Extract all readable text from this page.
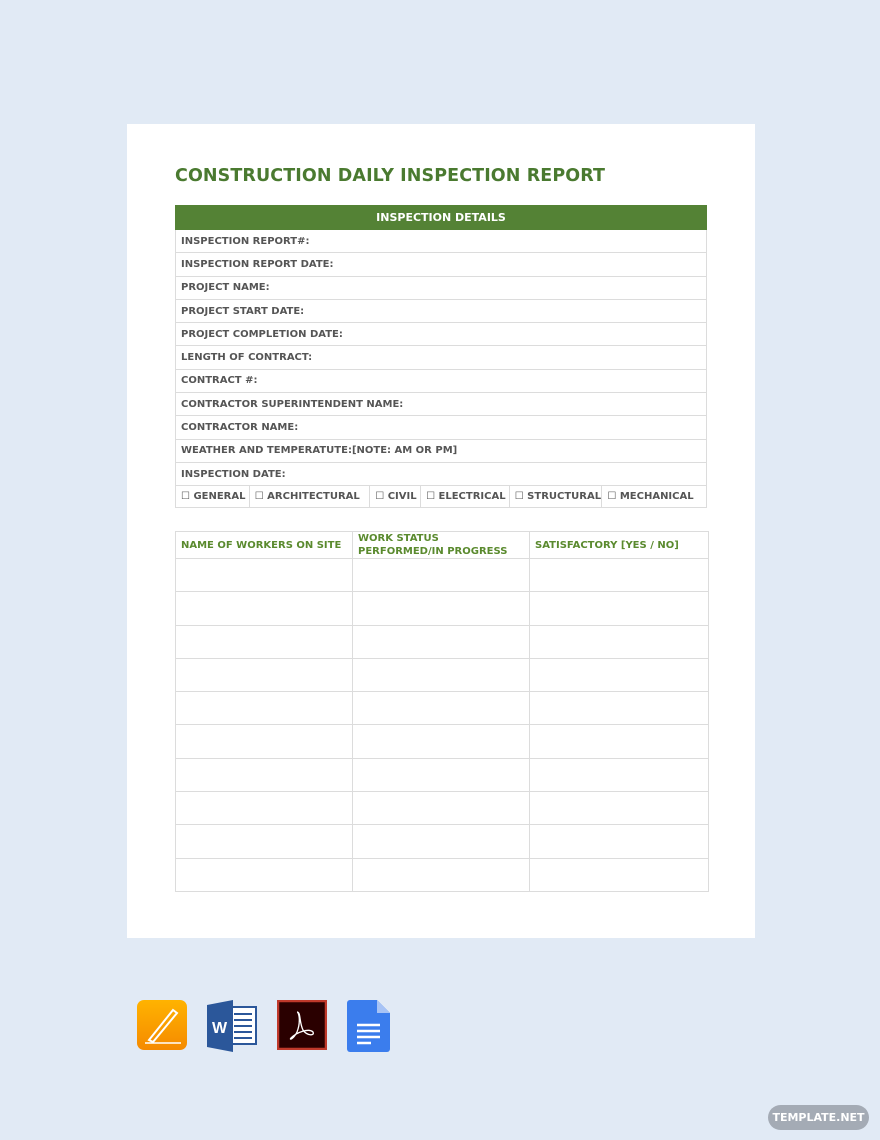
CONSTRUCTION DAILY INSPECTION REPORT
INSPECTION DETAILS
INSPECTION REPORT#:
INSPECTION REPORT DATE:
PROJECT NAME:
PROJECT START DATE:
PROJECT COMPLETION DATE:
LENGTH OF CONTRACT:
CONTRACT #:
CONTRACTOR SUPERINTENDENT NAME:
CONTRACTOR NAME:
WEATHER AND TEMPERATUTE:[NOTE: AM OR PM]
INSPECTION DATE:
☐ GENERAL ☐ ARCHITECTURAL	☐ CIVIL ☐ ELECTRICAL ☐ STRUCTURAL ☐ MECHANICAL
NAME OF WORKERS ON SITE	WORK STATUS PERFORMED/IN PROGRESS	SATISFACTORY [YES / NO]

W
TEMPLATE.NET
